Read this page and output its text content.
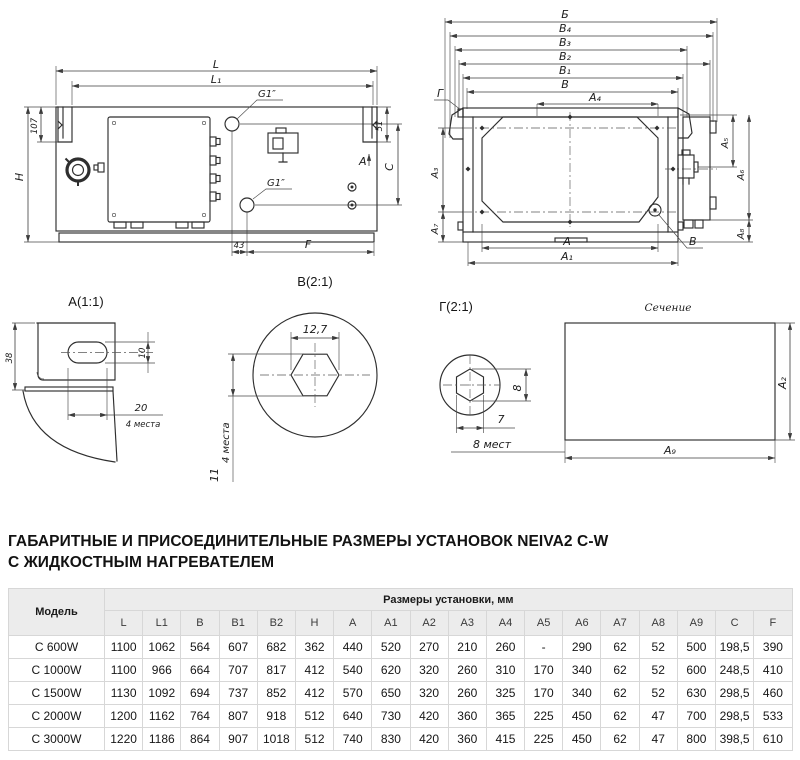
L
L₁
H
107	51
C
A
43	F
G1″
G1″
Б
B₄
B₃
B₂
B₁
B
A₄
Г
A₃
A₇
A
A₁
B
A₅
A₆
A₈
А(1:1)
38	10
20
4 места
В(2:1)
12,7
4 места
11
Г(2:1)
8
7
8 мест
Сечение
A₂
A₉
ГАБАРИТНЫЕ И ПРИСОЕДИНИТЕЛЬНЫЕ РАЗМЕРЫ УСТАНОВОК NEIVA2 C-W
С ЖИДКОСТНЫМ НАГРЕВАТЕЛЕМ
Модель	Размеры установки, мм																	
	L	L1	B	B1	B2	H	A	A1	A2	A3	A4	A5	A6	A7	A8	A9	C	F
C 600W	1100	1062	564	607	682	362	440	520	270	210	260	-	290	62	52	500	198,5	390
C 1000W	1100	966	664	707	817	412	540	620	320	260	310	170	340	62	52	600	248,5	410
C 1500W	1130	1092	694	737	852	412	570	650	320	260	325	170	340	62	52	630	298,5	460
C 2000W	1200	1162	764	807	918	512	640	730	420	360	365	225	450	62	47	700	298,5	533
C 3000W	1220	1186	864	907	1018	512	740	830	420	360	415	225	450	62	47	800	398,5	610
